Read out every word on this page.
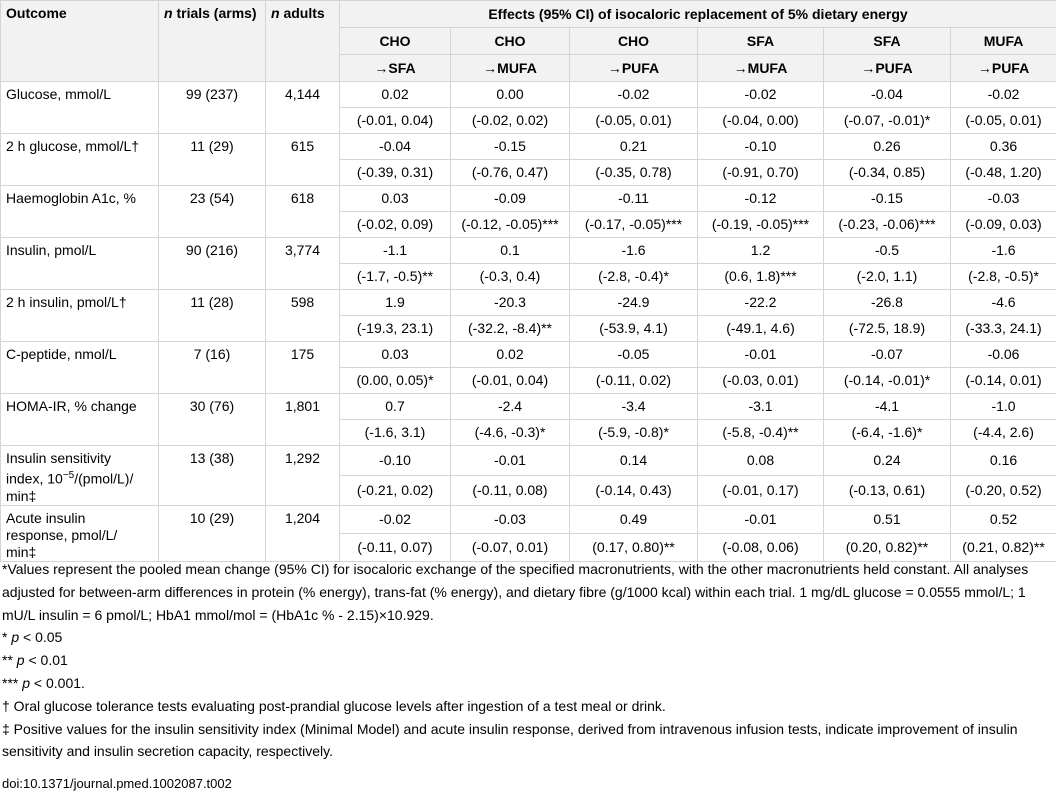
Outcome	n trials (arms)	n adults	Effects (95% CI) of isocaloric replacement of 5% dietary energy					
			CHO	CHO	CHO	SFA	SFA	MUFA
			→SFA	→MUFA	→PUFA	→MUFA	→PUFA	→PUFA
Glucose, mmol/L	99 (237)	4,144	0.02	0.00	-0.02	-0.02	-0.04	-0.02
			(-0.01, 0.04)	(-0.02, 0.02)	(-0.05, 0.01)	(-0.04, 0.00)	(-0.07, -0.01)*	(-0.05, 0.01)
2 h glucose, mmol/L†	11 (29)	615	-0.04	-0.15	0.21	-0.10	0.26	0.36
			(-0.39, 0.31)	(-0.76, 0.47)	(-0.35, 0.78)	(-0.91, 0.70)	(-0.34, 0.85)	(-0.48, 1.20)
Haemoglobin A1c, %	23 (54)	618	0.03	-0.09	-0.11	-0.12	-0.15	-0.03
			(-0.02, 0.09)	(-0.12, -0.05)***	(-0.17, -0.05)***	(-0.19, -0.05)***	(-0.23, -0.06)***	(-0.09, 0.03)
Insulin, pmol/L	90 (216)	3,774	-1.1	0.1	-1.6	1.2	-0.5	-1.6
			(-1.7, -0.5)**	(-0.3, 0.4)	(-2.8, -0.4)*	(0.6, 1.8)***	(-2.0, 1.1)	(-2.8, -0.5)*
2 h insulin, pmol/L†	11 (28)	598	1.9	-20.3	-24.9	-22.2	-26.8	-4.6
			(-19.3, 23.1)	(-32.2, -8.4)**	(-53.9, 4.1)	(-49.1, 4.6)	(-72.5, 18.9)	(-33.3, 24.1)
C-peptide, nmol/L	7 (16)	175	0.03	0.02	-0.05	-0.01	-0.07	-0.06
			(0.00, 0.05)*	(-0.01, 0.04)	(-0.11, 0.02)	(-0.03, 0.01)	(-0.14, -0.01)*	(-0.14, 0.01)
HOMA-IR, % change	30 (76)	1,801	0.7	-2.4	-3.4	-3.1	-4.1	-1.0
			(-1.6, 3.1)	(-4.6, -0.3)*	(-5.9, -0.8)*	(-5.8, -0.4)**	(-6.4, -1.6)*	(-4.4, 2.6)
Insulin sensitivity
index, $10^{-5}/(pmol/L)/$
min‡	13 (38)	1,292	-0.10	-0.01	0.14	0.08	0.24	0.16
			(-0.21, 0.02)	(-0.11, 0.08)	(-0.14, 0.43)	(-0.01, 0.17)	(-0.13, 0.61)	(-0.20, 0.52)
Acute insulin
response, pmol/L/
min‡	10 (29)	1,204	-0.02	-0.03	0.49	-0.01	0.51	0.52
			(-0.11, 0.07)	(-0.07, 0.01)	(0.17, 0.80)**	(-0.08, 0.06)	(0.20, 0.82)**	(0.21, 0.82)**

*Values represent the pooled mean change (95% CI) for isocaloric exchange of the specified macronutrients, with the other macronutrients held constant. All analyses adjusted for between-arm differences in protein (% energy), trans-fat (% energy), and dietary fibre (g/1000 kcal) within each trial. 1 mg/dL glucose = 0.0555 mmol/L; 1 mU/L insulin = 6 pmol/L; HbA1 mmol/mol = (HbA1c % - 2.15)×10.929.

* p < 0.05

** p < 0.01

*** p < 0.001.

† Oral glucose tolerance tests evaluating post-prandial glucose levels after ingestion of a test meal or drink.

‡ Positive values for the insulin sensitivity index (Minimal Model) and acute insulin response, derived from intravenous infusion tests, indicate improvement of insulin sensitivity and insulin secretion capacity, respectively.

doi:10.1371/journal.pmed.1002087.t002
